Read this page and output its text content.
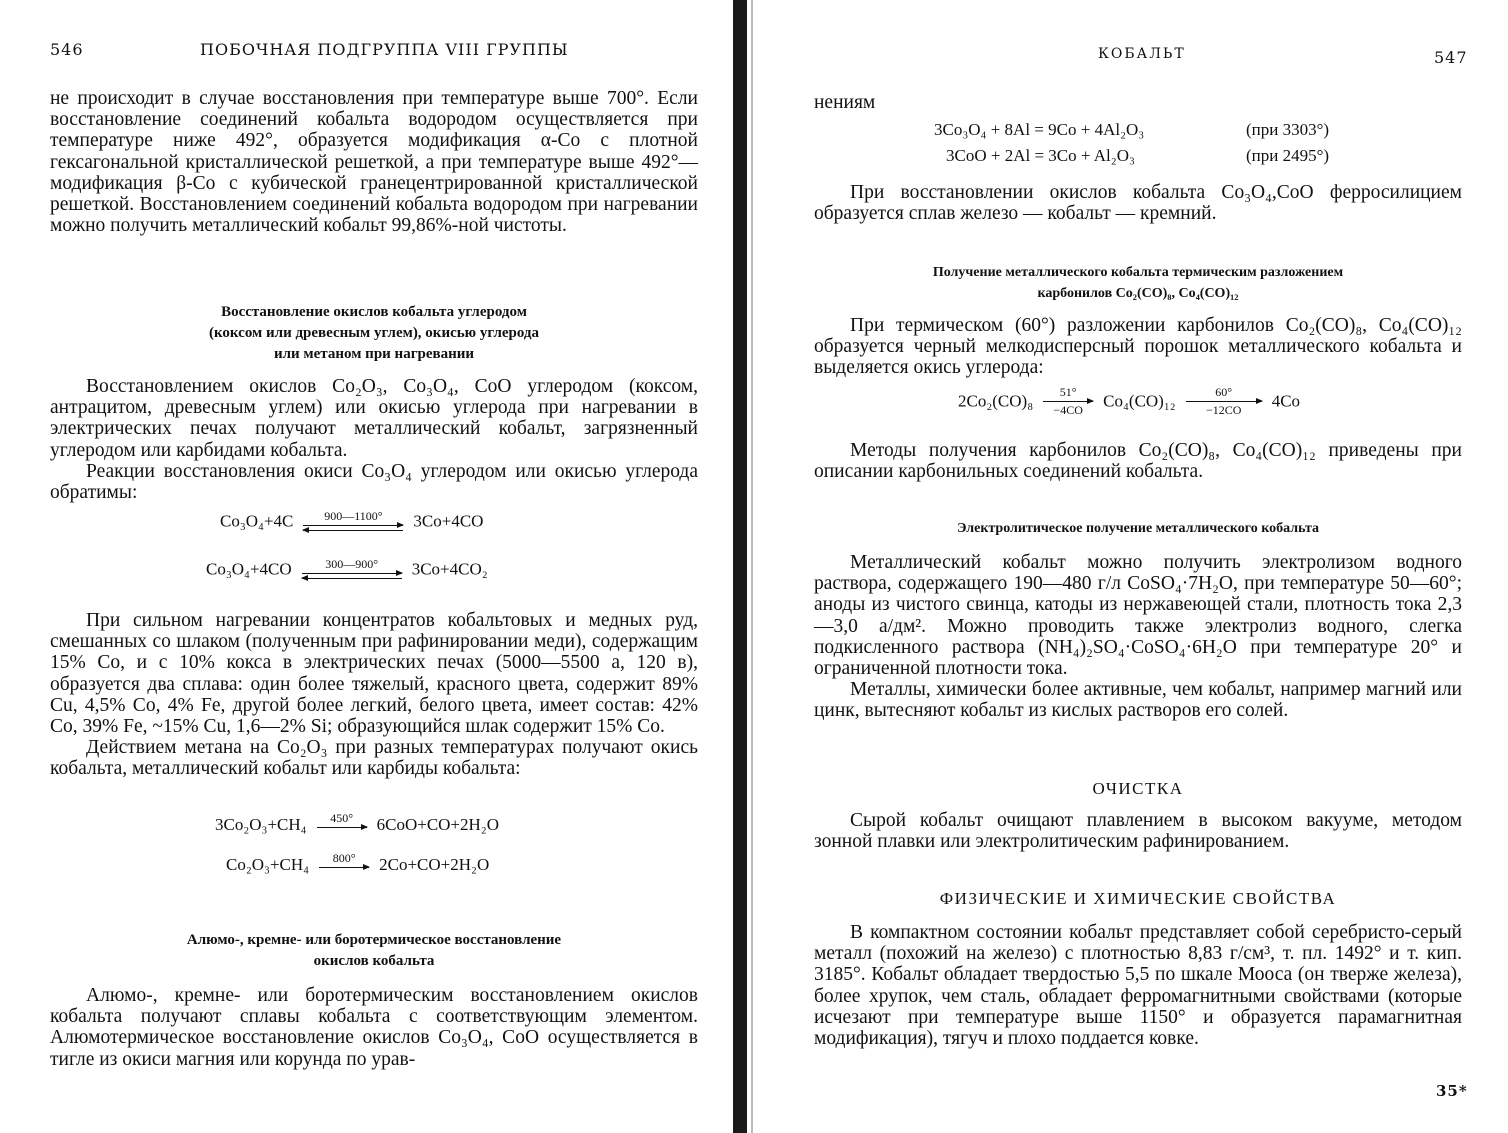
546	ПОБОЧНАЯ ПОДГРУППА VIII ГРУППЫ

не происходит в случае восстановления при температуре выше 700°. Если восстановление соединений кобальта водородом осуществляется при температуре ниже 492°, образуется модификация α-Co с плотной гексагональной кристаллической решеткой, а при температуре выше 492°— модификация β-Co с кубической гранецентрированной кристаллической решеткой. Восстановлением соединений кобальта водородом при нагревании можно получить металлический кобальт 99,86%-ной чистоты.

Восстановление окислов кобальта углеродом

(коксом или древесным углем), окисью углерода

или метаном при нагревании

Восстановлением окислов Co₂O₃, Co₃O₄, CoO углеродом (коксом, антрацитом, древесным углем) или окисью углерода при нагревании в электрических печах получают металлический кобальт, загрязненный углеродом или карбидами кобальта.

Реакции восстановления окиси Co₃O₄ углеродом или окисью углерода обратимы:

Co₃O₄+4C	900—1100° 3Co+4CO
Co₃O₄+4CO	300—900° 3Co+4CO₂

При сильном нагревании концентратов кобальтовых и медных руд, смешанных со шлаком (полученным при рафинировании меди), содержащим 15% Co, и с 10% кокса в электрических печах (5000—5500 а, 120 в), образуется два сплава: один более тяжелый, красного цвета, содержит 89% Cu, 4,5% Co, 4% Fe, другой более легкий, белого цвета, имеет состав: 42% Co, 39% Fe, ~15% Cu, 1,6—2% Si; образующийся шлак содержит 15% Co.

Действием метана на Co₂O₃ при разных температурах получают окись кобальта, металлический кобальт или карбиды кобальта:

3Co₂O₃+CH₄ 450° 6CoO+CO+2H₂O
Co₂O₃+CH₄ 800° 2Co+CO+2H₂O

Алюмо-, кремне- или боротермическое восстановление

окислов кобальта

Алюмо-, кремне- или боротермическим восстановлением окислов кобальта получают сплавы кобальта с соответствующим элементом. Алюмотермическое восстановление окислов Co₃O₄, CoO осуществляется в тигле из окиси магния или корунда по урав-

КОБАЛЬТ	547

нениям

3Co₃O₄ + 8Al = 9Co + 4Al₂O₃	(при 3303°)
3CoO + 2Al = 3Co + Al₂O₃	(при 2495°)

При восстановлении окислов кобальта Co₃O₄,CoO ферросилицием образуется сплав железо — кобальт — кремний.

Получение металлического кобальта термическим разложением

карбонилов Co₂(CO)₈, Co₄(CO)₁₂

При термическом (60°) разложении карбонилов Co₂(CO)₈, Co₄(CO)₁₂ образуется черный мелкодисперсный порошок металлического кобальта и выделяется окись углерода:

$2Co_2(CO)_8 \frac{51^\circ}{-4CO} Co_4(CO)_{12} \frac{60^\circ}{-12CO} 4Co$

Методы получения карбонилов Co₂(CO)₈, Co₄(CO)₁₂ приведены при описании карбонильных соединений кобальта.

Электролитическое получение металлического кобальта

Металлический кобальт можно получить электролизом водного раствора, содержащего 190—480 г/л CoSO₄·7H₂O, при температуре 50—60°; аноды из чистого свинца, катоды из нержавеющей стали, плотность тока 2,3—3,0 а/дм². Можно проводить также электролиз водного, слегка подкисленного раствора (NH₄)₂SO₄·CoSO₄·6H₂O при температуре 20° и ограниченной плотности тока.

Металлы, химически более активные, чем кобальт, например магний или цинк, вытесняют кобальт из кислых растворов его солей.

ОЧИСТКА

Сырой кобальт очищают плавлением в высоком вакууме, методом зонной плавки или электролитическим рафинированием.

ФИЗИЧЕСКИЕ И ХИМИЧЕСКИЕ СВОЙСТВА

В компактном состоянии кобальт представляет собой серебристо-серый металл (похожий на железо) с плотностью 8,83 г/см³, т. пл. 1492° и т. кип. 3185°. Кобальт обладает твердостью 5,5 по шкале Мооса (он тверже железа), более хрупок, чем сталь, обладает ферромагнитными свойствами (которые исчезают при температуре выше 1150° и образуется парамагнитная модификация), тягуч и плохо поддается ковке.

35*
